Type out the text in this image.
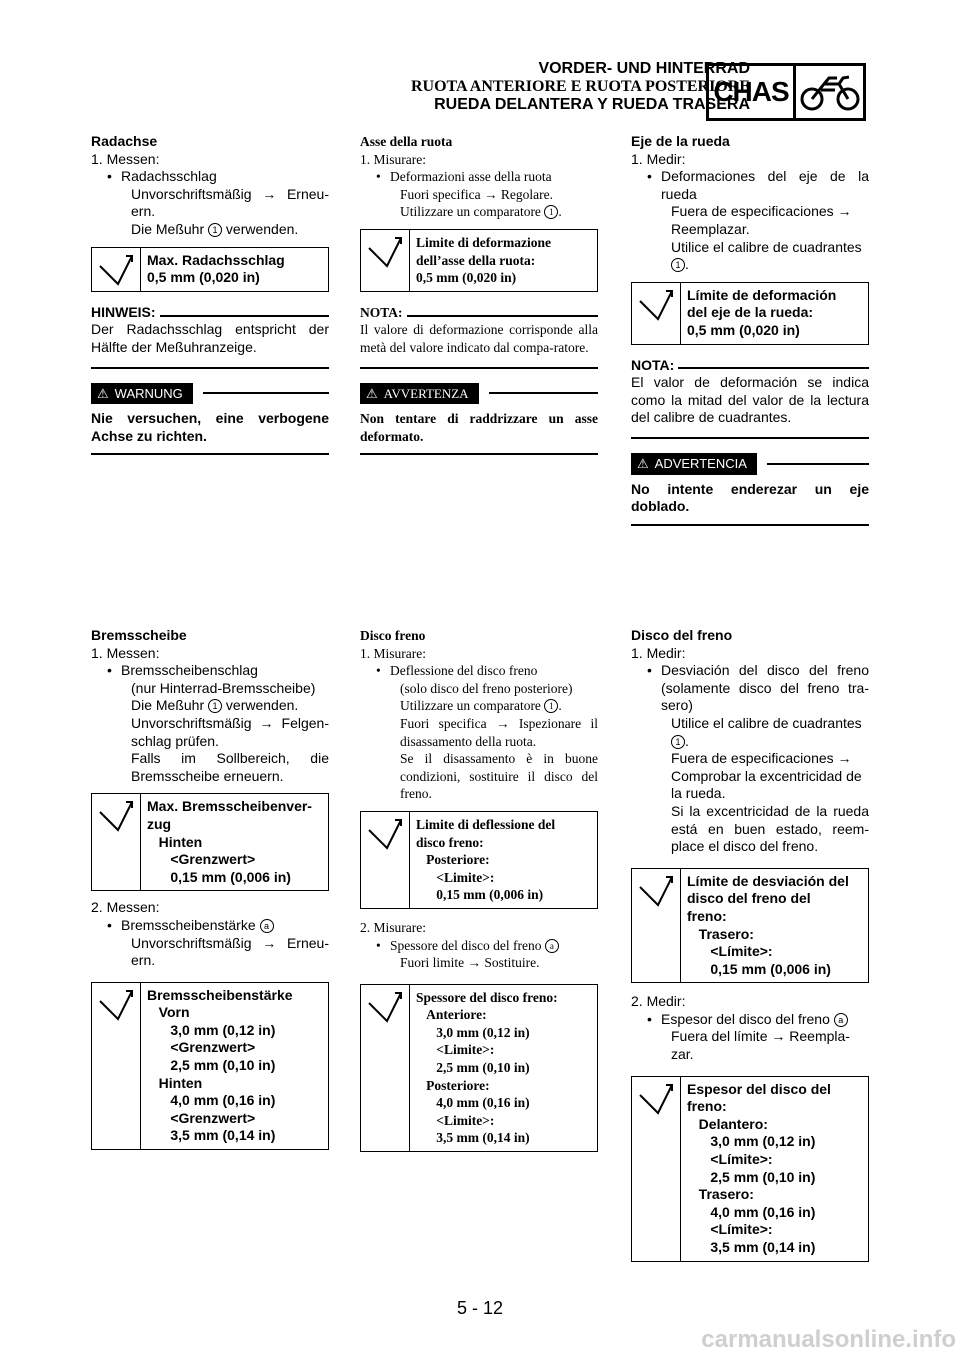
VORDER- UND HINTERRAD
RUOTA ANTERIORE E RUOTA POSTERIORE
RUEDA DELANTERA Y RUEDA TRASERA
CHAS
Radachse
1. Messen:
• Radachsschlag
Unvorschriftsmäßig → Erneu-ern.
Die Meßuhr 1 verwenden.
Max. Radachsschlag
0,5 mm (0,020 in)
HINWEIS:
Der Radachsschlag entspricht der Hälfte der Meßuhranzeige.
⚠ WARNUNG
Nie versuchen, eine verbogene Achse zu richten.
Asse della ruota
1. Misurare:
• Deformazioni asse della ruota
Fuori specifica → Regolare.
Utilizzare un comparatore 1 .
Limite di deformazione
dell’asse della ruota:
0,5 mm (0,020 in)
NOTA:
Il valore di deformazione corrisponde alla metà del valore indicato dal compa-ratore.
⚠ AVVERTENZA
Non tentare di raddrizzare un asse deformato.
Eje de la rueda
1. Medir:
• Deformaciones del eje de la rueda
Fuera de especificaciones → Reemplazar.
Utilice el calibre de cuadrantes 1 .
Límite de deformación
del eje de la rueda:
0,5 mm (0,020 in)
NOTA:
El valor de deformación se indica como la mitad del valor de la lectura del calibre de cuadrantes.
⚠ ADVERTENCIA
No intente enderezar un eje doblado.
Bremsscheibe
1. Messen:
• Bremsscheibenschlag
(nur Hinterrad-Bremsscheibe)
Die Meßuhr 1 verwenden.
Unvorschriftsmäßig → Felgen-schlag prüfen.
Falls im Sollbereich, die Bremsscheibe erneuern.
Max. Bremsscheibenver-
zug
Hinten
<Grenzwert>
0,15 mm (0,006 in)
2. Messen:
• Bremsscheibenstärke a
Unvorschriftsmäßig → Erneu-ern.
Bremsscheibenstärke
Vorn
3,0 mm (0,12 in)
<Grenzwert>
2,5 mm (0,10 in)
Hinten
4,0 mm (0,16 in)
<Grenzwert>
3,5 mm (0,14 in)
Disco freno
1. Misurare:
• Deflessione del disco freno
(solo disco del freno posteriore)
Utilizzare un comparatore 1 .
Fuori specifica → Ispezionare il disassamento della ruota.
Se il disassamento è in buone condizioni, sostituire il disco del freno.
Limite di deflessione del
disco freno:
Posteriore:
<Limite>:
0,15 mm (0,006 in)
2. Misurare:
• Spessore del disco del freno a
Fuori limite → Sostituire.
Spessore del disco freno:
Anteriore:
3,0 mm (0,12 in)
<Limite>:
2,5 mm (0,10 in)
Posteriore:
4,0 mm (0,16 in)
<Limite>:
3,5 mm (0,14 in)
Disco del freno
1. Medir:
• Desviación del disco del freno (solamente disco del freno tra-sero)
Utilice el calibre de cuadrantes 1 .
Fuera de especificaciones → Comprobar la excentricidad de la rueda.
Si la excentricidad de la rueda está en buen estado, reem-place el disco del freno.
Límite de desviación del
disco del freno del
freno:
Trasero:
<Límite>:
0,15 mm (0,006 in)
2. Medir:
• Espesor del disco del freno a
Fuera del límite → Reempla-zar.
Espesor del disco del
freno:
Delantero:
3,0 mm (0,12 in)
<Límite>:
2,5 mm (0,10 in)
Trasero:
4,0 mm (0,16 in)
<Límite>:
3,5 mm (0,14 in)
5 - 12
carmanualsonline.info
